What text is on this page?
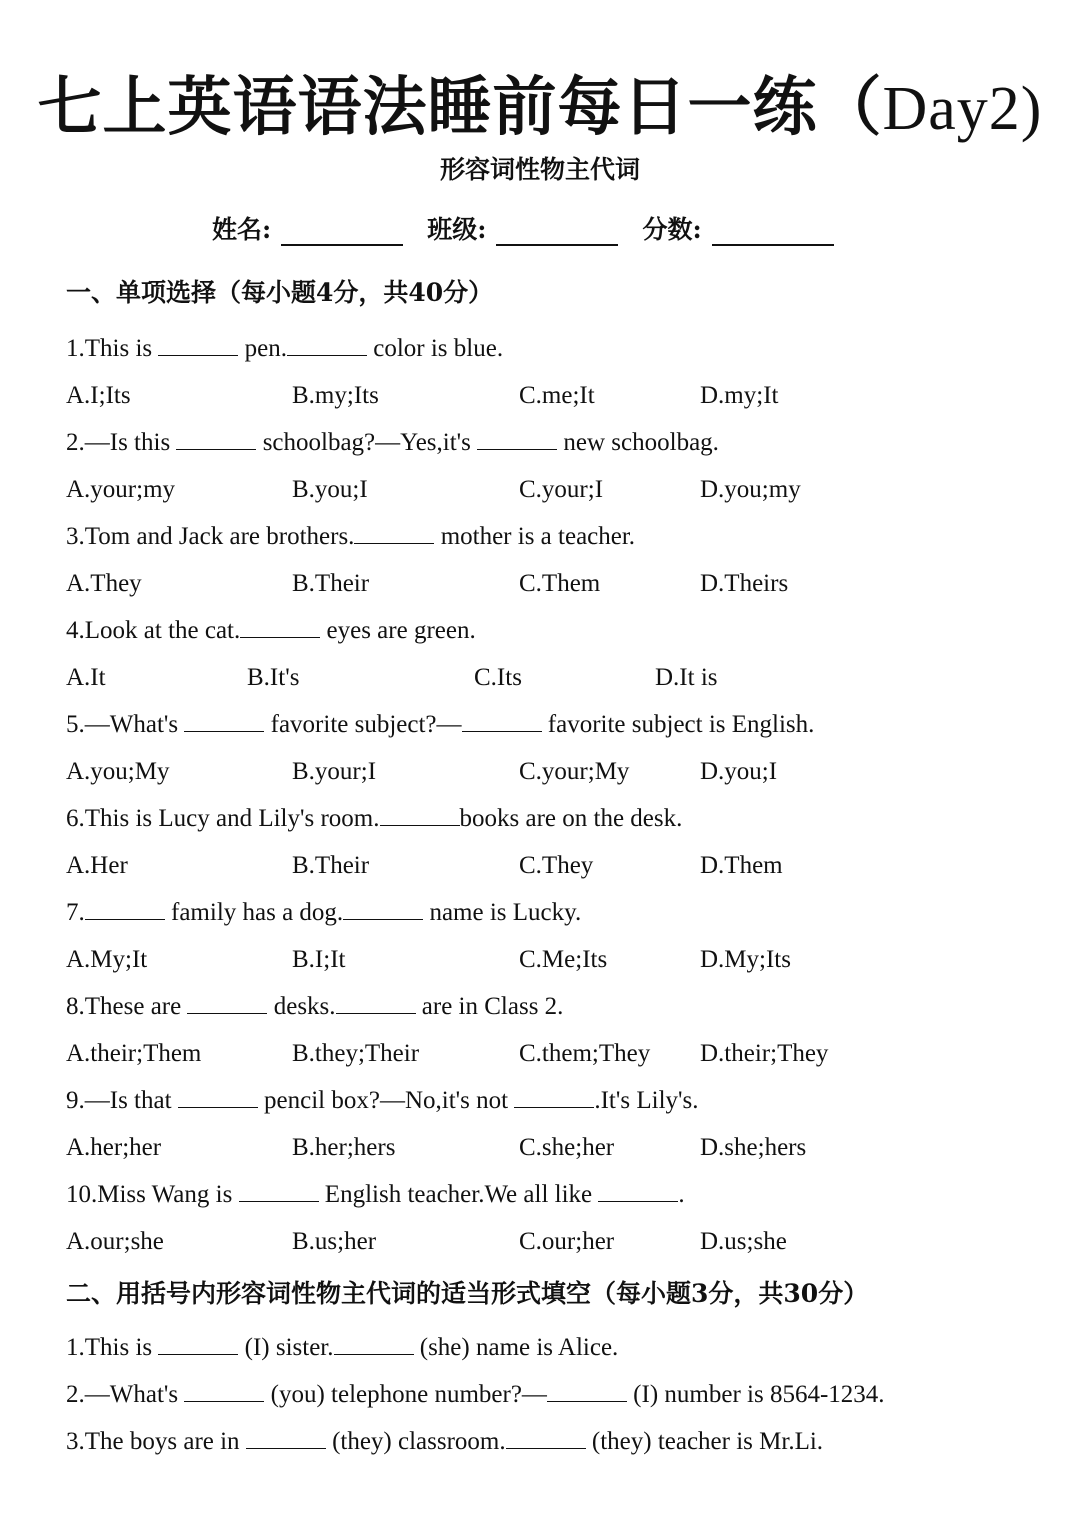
七上英语语法睡前每日一练（Day2)
形容词性物主代词
姓名:	班级:	分数:
一、单项选择（每小题4分，共40分）
1.This is	pen.	color is blue.
A.I;Its	B.my;Its	C.me;It	D.my;It
2.—Is this	schoolbag?—Yes,it's	new schoolbag.
A.your;my	B.you;I	C.your;I	D.you;my
3.Tom and Jack are brothers.	mother is a teacher.
A.They	B.Their	C.Them	D.Theirs
4.Look at the cat.	eyes are green.
A.It	B.It's	C.Its	D.It is
5.—What's	favorite subject?—	favorite subject is English.
A.you;My	B.your;I	C.your;My	D.you;I
6.This is Lucy and Lily's room.	books are on the desk.
A.Her	B.Their	C.They	D.Them
7.	family has a dog.	name is Lucky.
A.My;It	B.I;It	C.Me;Its	D.My;Its
8.These are	desks.	are in Class 2.
A.their;Them	B.they;Their	C.them;They D.their;They
9.—Is that	pencil box?—No,it's not	.It's Lily's.
A.her;her	B.her;hers	C.she;her	D.she;hers
10.Miss Wang is	English teacher.We all like	.
A.our;she	B.us;her	C.our;her	D.us;she
二、用括号内形容词性物主代词的适当形式填空（每小题3分，共30分）
1.This is	(I) sister.	(she) name is Alice.
2.—What's	(you) telephone number?—	(I) number is 8564-1234.
3.The boys are in	(they) classroom.	(they) teacher is Mr.Li.
